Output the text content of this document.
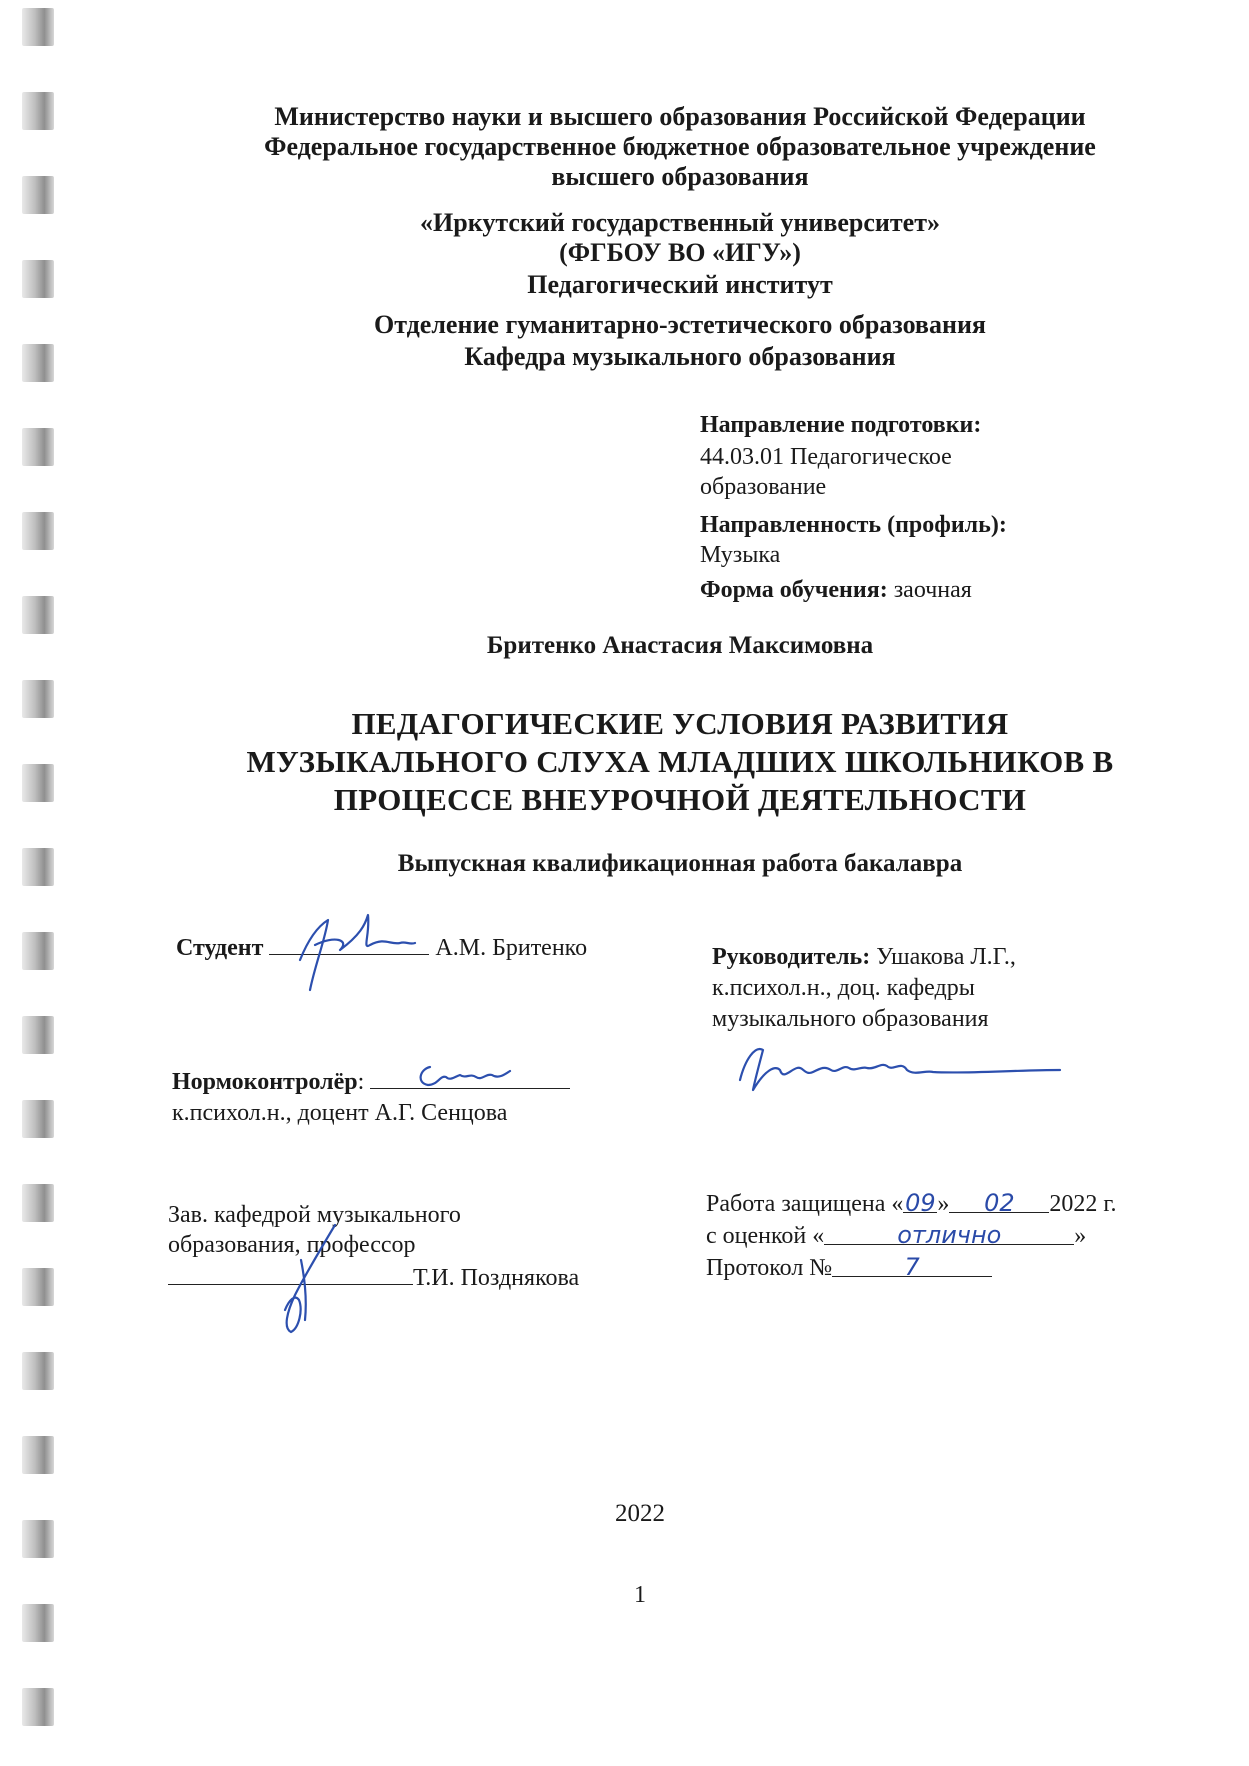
Министерство науки и высшего образования Российской Федерации
Федеральное государственное бюджетное образовательное учреждение
высшего образования
«Иркутский государственный университет»
(ФГБОУ ВО «ИГУ»)
Педагогический институт
Отделение гуманитарно-эстетического образования
Кафедра музыкального образования
Направление подготовки:
44.03.01 Педагогическое
образование
Направленность (профиль):
Музыка
Форма обучения: заочная
Бритенко Анастасия Максимовна
ПЕДАГОГИЧЕСКИЕ УСЛОВИЯ РАЗВИТИЯ
МУЗЫКАЛЬНОГО СЛУХА МЛАДШИХ ШКОЛЬНИКОВ В
ПРОЦЕССЕ ВНЕУРОЧНОЙ ДЕЯТЕЛЬНОСТИ
Выпускная квалификационная работа бакалавра
Студент	А.М. Бритенко	Руководитель: Ушакова Л.Г.,
к.психол.н., доц. кафедры
музыкального образования
Нормоконтролёр:
к.психол.н., доцент А.Г. Сенцова
Зав. кафедрой музыкального
образования, профессор
Т.И. Позднякова
Работа защищена «09» 02 2022 г.
с оценкой «	отлично	»
Протокол №	7
2022
1
